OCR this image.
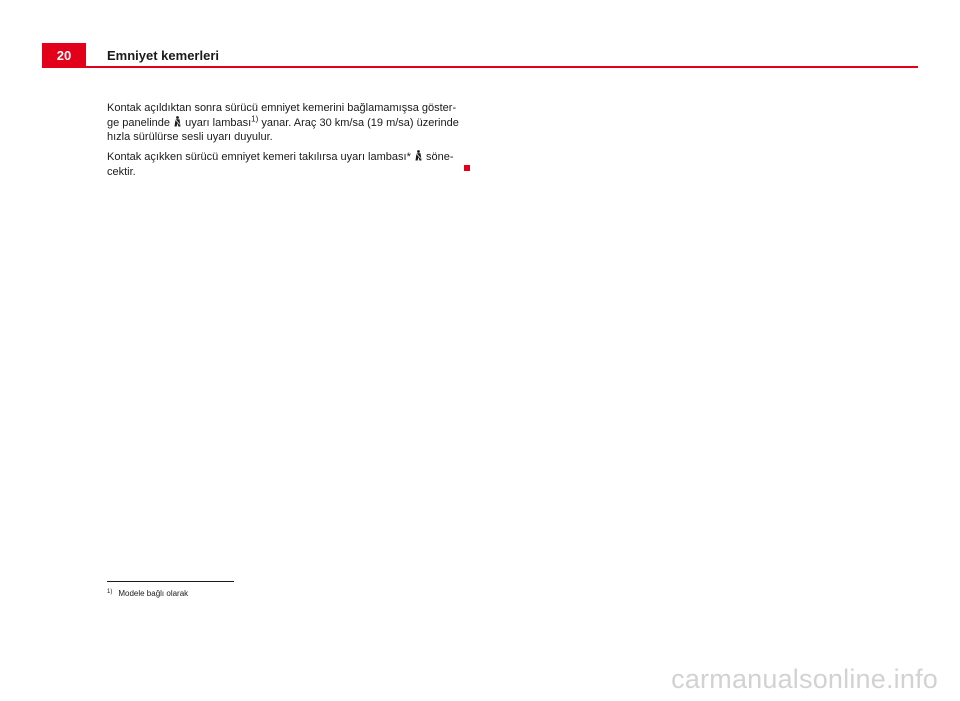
20	Emniyet kemerleri
Kontak açıldıktan sonra sürücü emniyet kemerini bağlamamışsa göster-ge panelinde uyarı lambası$^{1)}$ yanar. Araç 30 km/sa (19 m/sa) üzerinde hızla sürülürse sesli uyarı duyulur.
Kontak açıkken sürücü emniyet kemeri takılırsa uyarı lambası* söne-cektir.
$^{1)}$ Modele bağlı olarak
carmanualsonline.info
